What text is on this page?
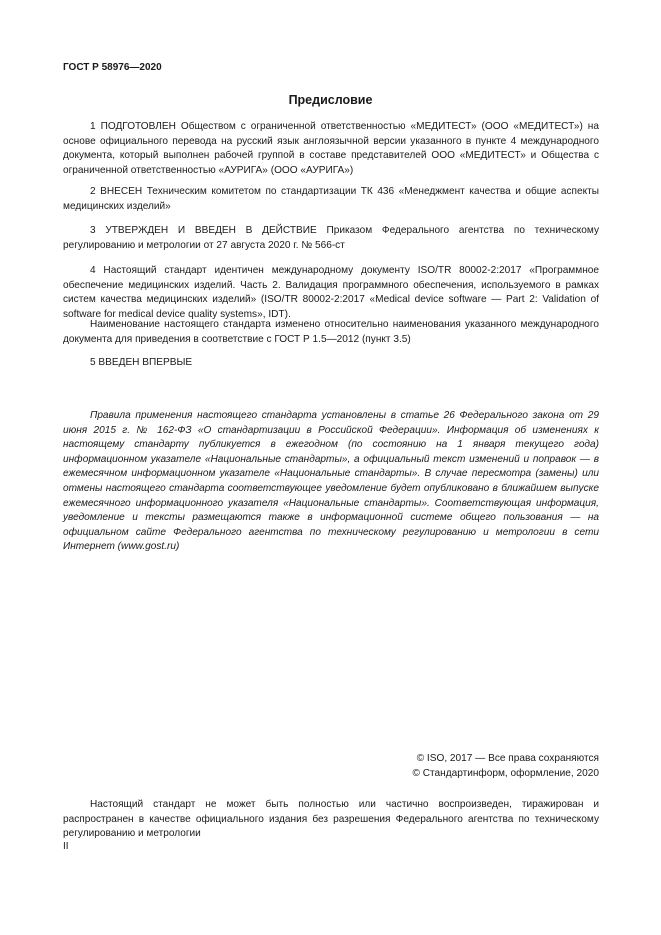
ГОСТ Р 58976—2020
Предисловие
1 ПОДГОТОВЛЕН Обществом с ограниченной ответственностью «МЕДИТЕСТ» (ООО «МЕДИТЕСТ») на основе официального перевода на русский язык англоязычной версии указанного в пункте 4 международного документа, который выполнен рабочей группой в составе представителей ООО «МЕДИТЕСТ» и Общества с ограниченной ответственностью «АУРИГА» (ООО «АУРИГА»)
2 ВНЕСЕН Техническим комитетом по стандартизации ТК 436 «Менеджмент качества и общие аспекты медицинских изделий»
3 УТВЕРЖДЕН И ВВЕДЕН В ДЕЙСТВИЕ Приказом Федерального агентства по техническому регулированию и метрологии от 27 августа 2020 г. № 566-ст
4 Настоящий стандарт идентичен международному документу ISO/TR 80002-2:2017 «Программное обеспечение медицинских изделий. Часть 2. Валидация программного обеспечения, используемого в рамках систем качества медицинских изделий» (ISO/TR 80002-2:2017 «Medical device software — Part 2: Validation of software for medical device quality systems», IDT).
Наименование настоящего стандарта изменено относительно наименования указанного международного документа для приведения в соответствие с ГОСТ Р 1.5—2012 (пункт 3.5)
5 ВВЕДЕН ВПЕРВЫЕ
Правила применения настоящего стандарта установлены в статье 26 Федерального закона от 29 июня 2015 г. № 162-ФЗ «О стандартизации в Российской Федерации». Информация об изменениях к настоящему стандарту публикуется в ежегодном (по состоянию на 1 января текущего года) информационном указателе «Национальные стандарты», а официальный текст изменений и поправок — в ежемесячном информационном указателе «Национальные стандарты». В случае пересмотра (замены) или отмены настоящего стандарта соответствующее уведомление будет опубликовано в ближайшем выпуске ежемесячного информационного указателя «Национальные стандарты». Соответствующая информация, уведомление и тексты размещаются также в информационной системе общего пользования — на официальном сайте Федерального агентства по техническому регулированию и метрологии в сети Интернет (www.gost.ru)
© ISO, 2017 — Все права сохраняются
© Стандартинформ, оформление, 2020
Настоящий стандарт не может быть полностью или частично воспроизведен, тиражирован и распространен в качестве официального издания без разрешения Федерального агентства по техническому регулированию и метрологии
II
